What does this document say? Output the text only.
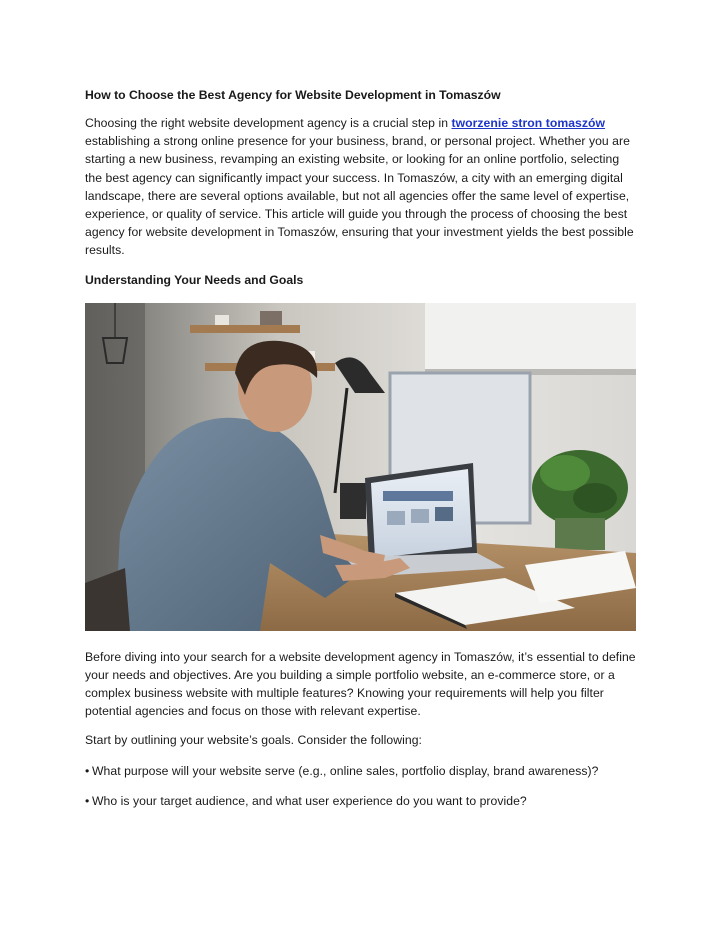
How to Choose the Best Agency for Website Development in Tomaszów

Choosing the right website development agency is a crucial step in tworzenie stron tomaszów establishing a strong online presence for your business, brand, or personal project. Whether you are starting a new business, revamping an existing website, or looking for an online portfolio, selecting the best agency can significantly impact your success. In Tomaszów, a city with an emerging digital landscape, there are several options available, but not all agencies offer the same level of expertise, experience, or quality of service. This article will guide you through the process of choosing the best agency for website development in Tomaszów, ensuring that your investment yields the best possible results.

Understanding Your Needs and Goals

Before diving into your search for a website development agency in Tomaszów, it’s essential to define your needs and objectives. Are you building a simple portfolio website, an e-commerce store, or a complex business website with multiple features? Knowing your requirements will help you filter potential agencies and focus on those with relevant expertise.

Start by outlining your website’s goals. Consider the following:

• What purpose will your website serve (e.g., online sales, portfolio display, brand awareness)?
• Who is your target audience, and what user experience do you want to provide?
